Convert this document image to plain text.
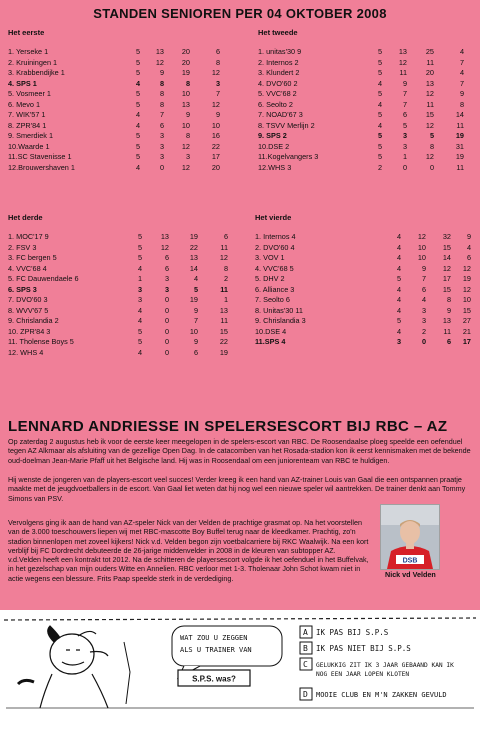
STANDEN SENIOREN PER 04 OKTOBER 2008
Het eerste	Het tweede
Het derde	Het vierde
1. Yerseke 1	5	13	20	6
2. Kruiningen 1	5	12	20	8
3. Krabbendijke 1	5	9	19	12
4. SPS 1	4	8	8	3
5. Vosmeer 1	5	8	10	7
6. Mevo 1	5	8	13	12
7. WIK'57 1	4	7	9	9
8. ZPR'84 1	4	6	10	10
9. Smerdiek 1	5	3	8	16
10.Waarde 1	5	3	12	22
11.SC Stavenisse 1	5	3	3	17
12.Brouwershaven 1	4	0	12	20
1. unitas'30 9	5	13	25	4
2. Internos 2	5	12	11	7
3. Klundert 2	5	11	20	4
4. DVO'60 2	4	9	13	7
5. VVC'68 2	5	7	12	9
6. Seolto 2	4	7	11	8
7. NOAD'67 3	5	6	15	14
8. TSVV Merlijn 2	4	5	12	11
9. SPS 2	5	3	5	19
10.DSE 2	5	3	8	31
11.Kogelvangers 3	5	1	12	19
12.WHS 3	2	0	0	11
1. MOC'17 9	5	13	19	6
2. FSV 3	5	12	22	11
3. FC bergen 5	5	6	13	12
4. VVC'68 4	4	6	14	8
5. FC Dauwendaele 6	1	3	4	2
6. SPS 3	3	3	5	11
7. DVO'60 3	3	0	19	1
8. WVV'67 5	4	0	9	13
9. Chrislandia 2	4	0	7	11
10. ZPR'84 3	5	0	10	15
11. Tholense Boys 5	5	0	9	22
12. WHS 4	4	0	6	19
1. Internos 4	4	12	32	9
2. DVO'60 4	4	10	15	4
3. VOV 1	4	10	14	6
4. VVC'68 5	4	9	12	12
5. DHV 2	5	7	17	19
6. Alliance 3	4	6	15	12
7. Seolto 6	4	4	8	10
8. Unitas'30 11	4	3	9	15
9. Chrislandia 3	5	3	13	27
10.DSE 4	4	2	11	21
11.SPS 4	3	0	6	17
LENNARD ANDRIESSE IN SPELERSESCORT BIJ RBC – AZ
Op zaterdag 2 augustus heb ik voor de eerste keer meegelopen in de spelers-escort van RBC. De Roosendaalse ploeg speelde een oefenduel tegen AZ Alkmaar als afsluiting van de gezellige Open Dag. In de catacomben van het Rosada-stadion kon ik eerst kennismaken met de bekende oud-doelman Jean-Marie Pfaff uit het Belgische land. Hij was in Roosendaal om een juniorenteam van RBC te huldigen.
Hij wenste de jongeren van de players-escort veel succes! Verder kreeg ik een hand van AZ-trainer Louis van Gaal die een ontspannen praatje maakte met de jeugdvoetballers in de escort. Van Gaal liet weten dat hij nog wel een nieuwe speler wil aantrekken. De trainer denkt aan Tommy Simons van PSV.
Vervolgens ging ik aan de hand van AZ-speler Nick van der Velden de prachtige grasmat op. Na het voorstellen van de 3.000 toeschouwers liepen wij met RBC-mascotte Boy Buffel terug naar de kleedkamer. Prachtig, zo'n stadion binnenlopen met zoveel kijkers! Nick v.d. Velden begon zijn voetbalcarriere bij RKC Waalwijk. Na een kort verblijf bij FC Dordrecht debuteerde de 26-jarige middenvelder in 2008 in de kleuren van subtopper AZ. v.d.Velden heeft een kontrakt tot 2012. Na de schitteren de playersescort volgde ik het oefenduel in het Buffelvak, in het gezelschap van mijn ouders Witte en Annelien. RBC verloor met 1-3. Tholenaar John Schot kwam niet in actie wegens een blessure. Frits Paap speelde sterk in de verdediging.
DSB
Nick vd Velden
WAT ZOU U ZEGGEN
ALS U TRAINER VAN
S.P.S. was?
A IK PAS BIJ S.P.S
B IK PAS NIET BIJ S.P.S
C GELUKKIG ZIT IK 3 JAAR GEBAAND KAN IK NOG EEN JAAR LOPEN KLOTEN
D MOOIE CLUB EN M'N ZAKKEN GEVULD
